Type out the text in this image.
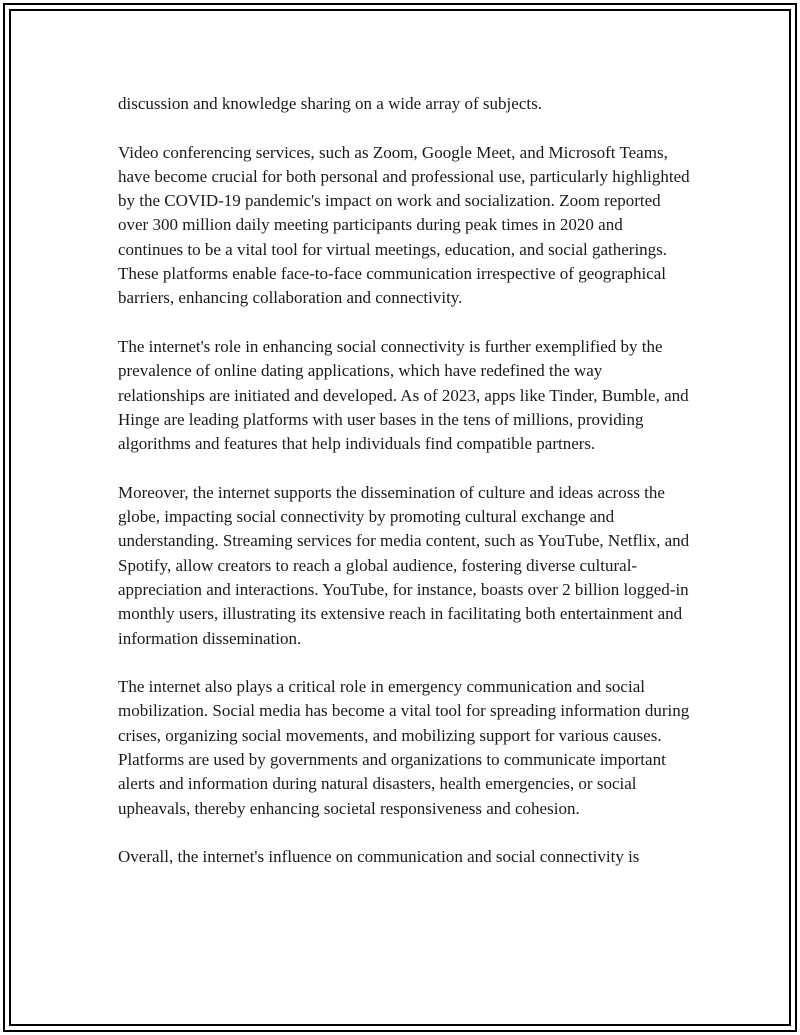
discussion and knowledge sharing on a wide array of subjects.

Video conferencing services, such as Zoom, Google Meet, and Microsoft Teams, have become crucial for both personal and professional use, particularly highlighted by the COVID-19 pandemic's impact on work and socialization. Zoom reported over 300 million daily meeting participants during peak times in 2020 and continues to be a vital tool for virtual meetings, education, and social gatherings. These platforms enable face-to-face communication irrespective of geographical barriers, enhancing collaboration and connectivity.

The internet's role in enhancing social connectivity is further exemplified by the prevalence of online dating applications, which have redefined the way relationships are initiated and developed. As of 2023, apps like Tinder, Bumble, and Hinge are leading platforms with user bases in the tens of millions, providing algorithms and features that help individuals find compatible partners.

Moreover, the internet supports the dissemination of culture and ideas across the globe, impacting social connectivity by promoting cultural exchange and understanding. Streaming services for media content, such as YouTube, Netflix, and Spotify, allow creators to reach a global audience, fostering diverse cultural-appreciation and interactions. YouTube, for instance, boasts over 2 billion logged-in monthly users, illustrating its extensive reach in facilitating both entertainment and information dissemination.

The internet also plays a critical role in emergency communication and social mobilization. Social media has become a vital tool for spreading information during crises, organizing social movements, and mobilizing support for various causes. Platforms are used by governments and organizations to communicate important alerts and information during natural disasters, health emergencies, or social upheavals, thereby enhancing societal responsiveness and cohesion.

Overall, the internet's influence on communication and social connectivity is
